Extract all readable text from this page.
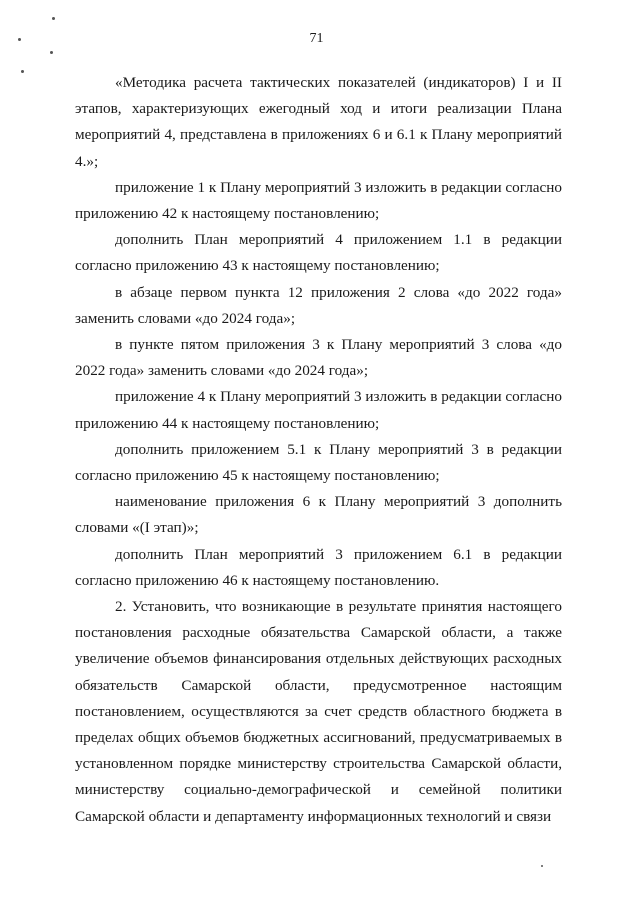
71

«Методика расчета тактических показателей (индикаторов) I и II этапов, характеризующих ежегодный ход и итоги реализации Плана мероприятий 4, представлена в приложениях 6 и 6.1 к Плану мероприятий 4.»;

приложение 1 к Плану мероприятий 3 изложить в редакции согласно приложению 42 к настоящему постановлению;

дополнить План мероприятий 4 приложением 1.1 в редакции согласно приложению 43 к настоящему постановлению;

в абзаце первом пункта 12 приложения 2 слова «до 2022 года» заменить словами «до 2024 года»;

в пункте пятом приложения 3 к Плану мероприятий 3 слова «до 2022 года» заменить словами «до 2024 года»;

приложение 4 к Плану мероприятий 3 изложить в редакции согласно приложению 44 к настоящему постановлению;

дополнить приложением 5.1 к Плану мероприятий 3 в редакции согласно приложению 45 к настоящему постановлению;

наименование приложения 6 к Плану мероприятий 3 дополнить словами «(I этап)»;

дополнить План мероприятий 3 приложением 6.1 в редакции согласно приложению 46 к настоящему постановлению.

2. Установить, что возникающие в результате принятия настоящего постановления расходные обязательства Самарской области, а также увеличение объемов финансирования отдельных действующих расходных обязательств Самарской области, предусмотренное настоящим постановлением, осуществляются за счет средств областного бюджета в пределах общих объемов бюджетных ассигнований, предусматриваемых в установленном порядке министерству строительства Самарской области, министерству социально-демографической и семейной политики Самарской области и департаменту информационных технологий и связи
